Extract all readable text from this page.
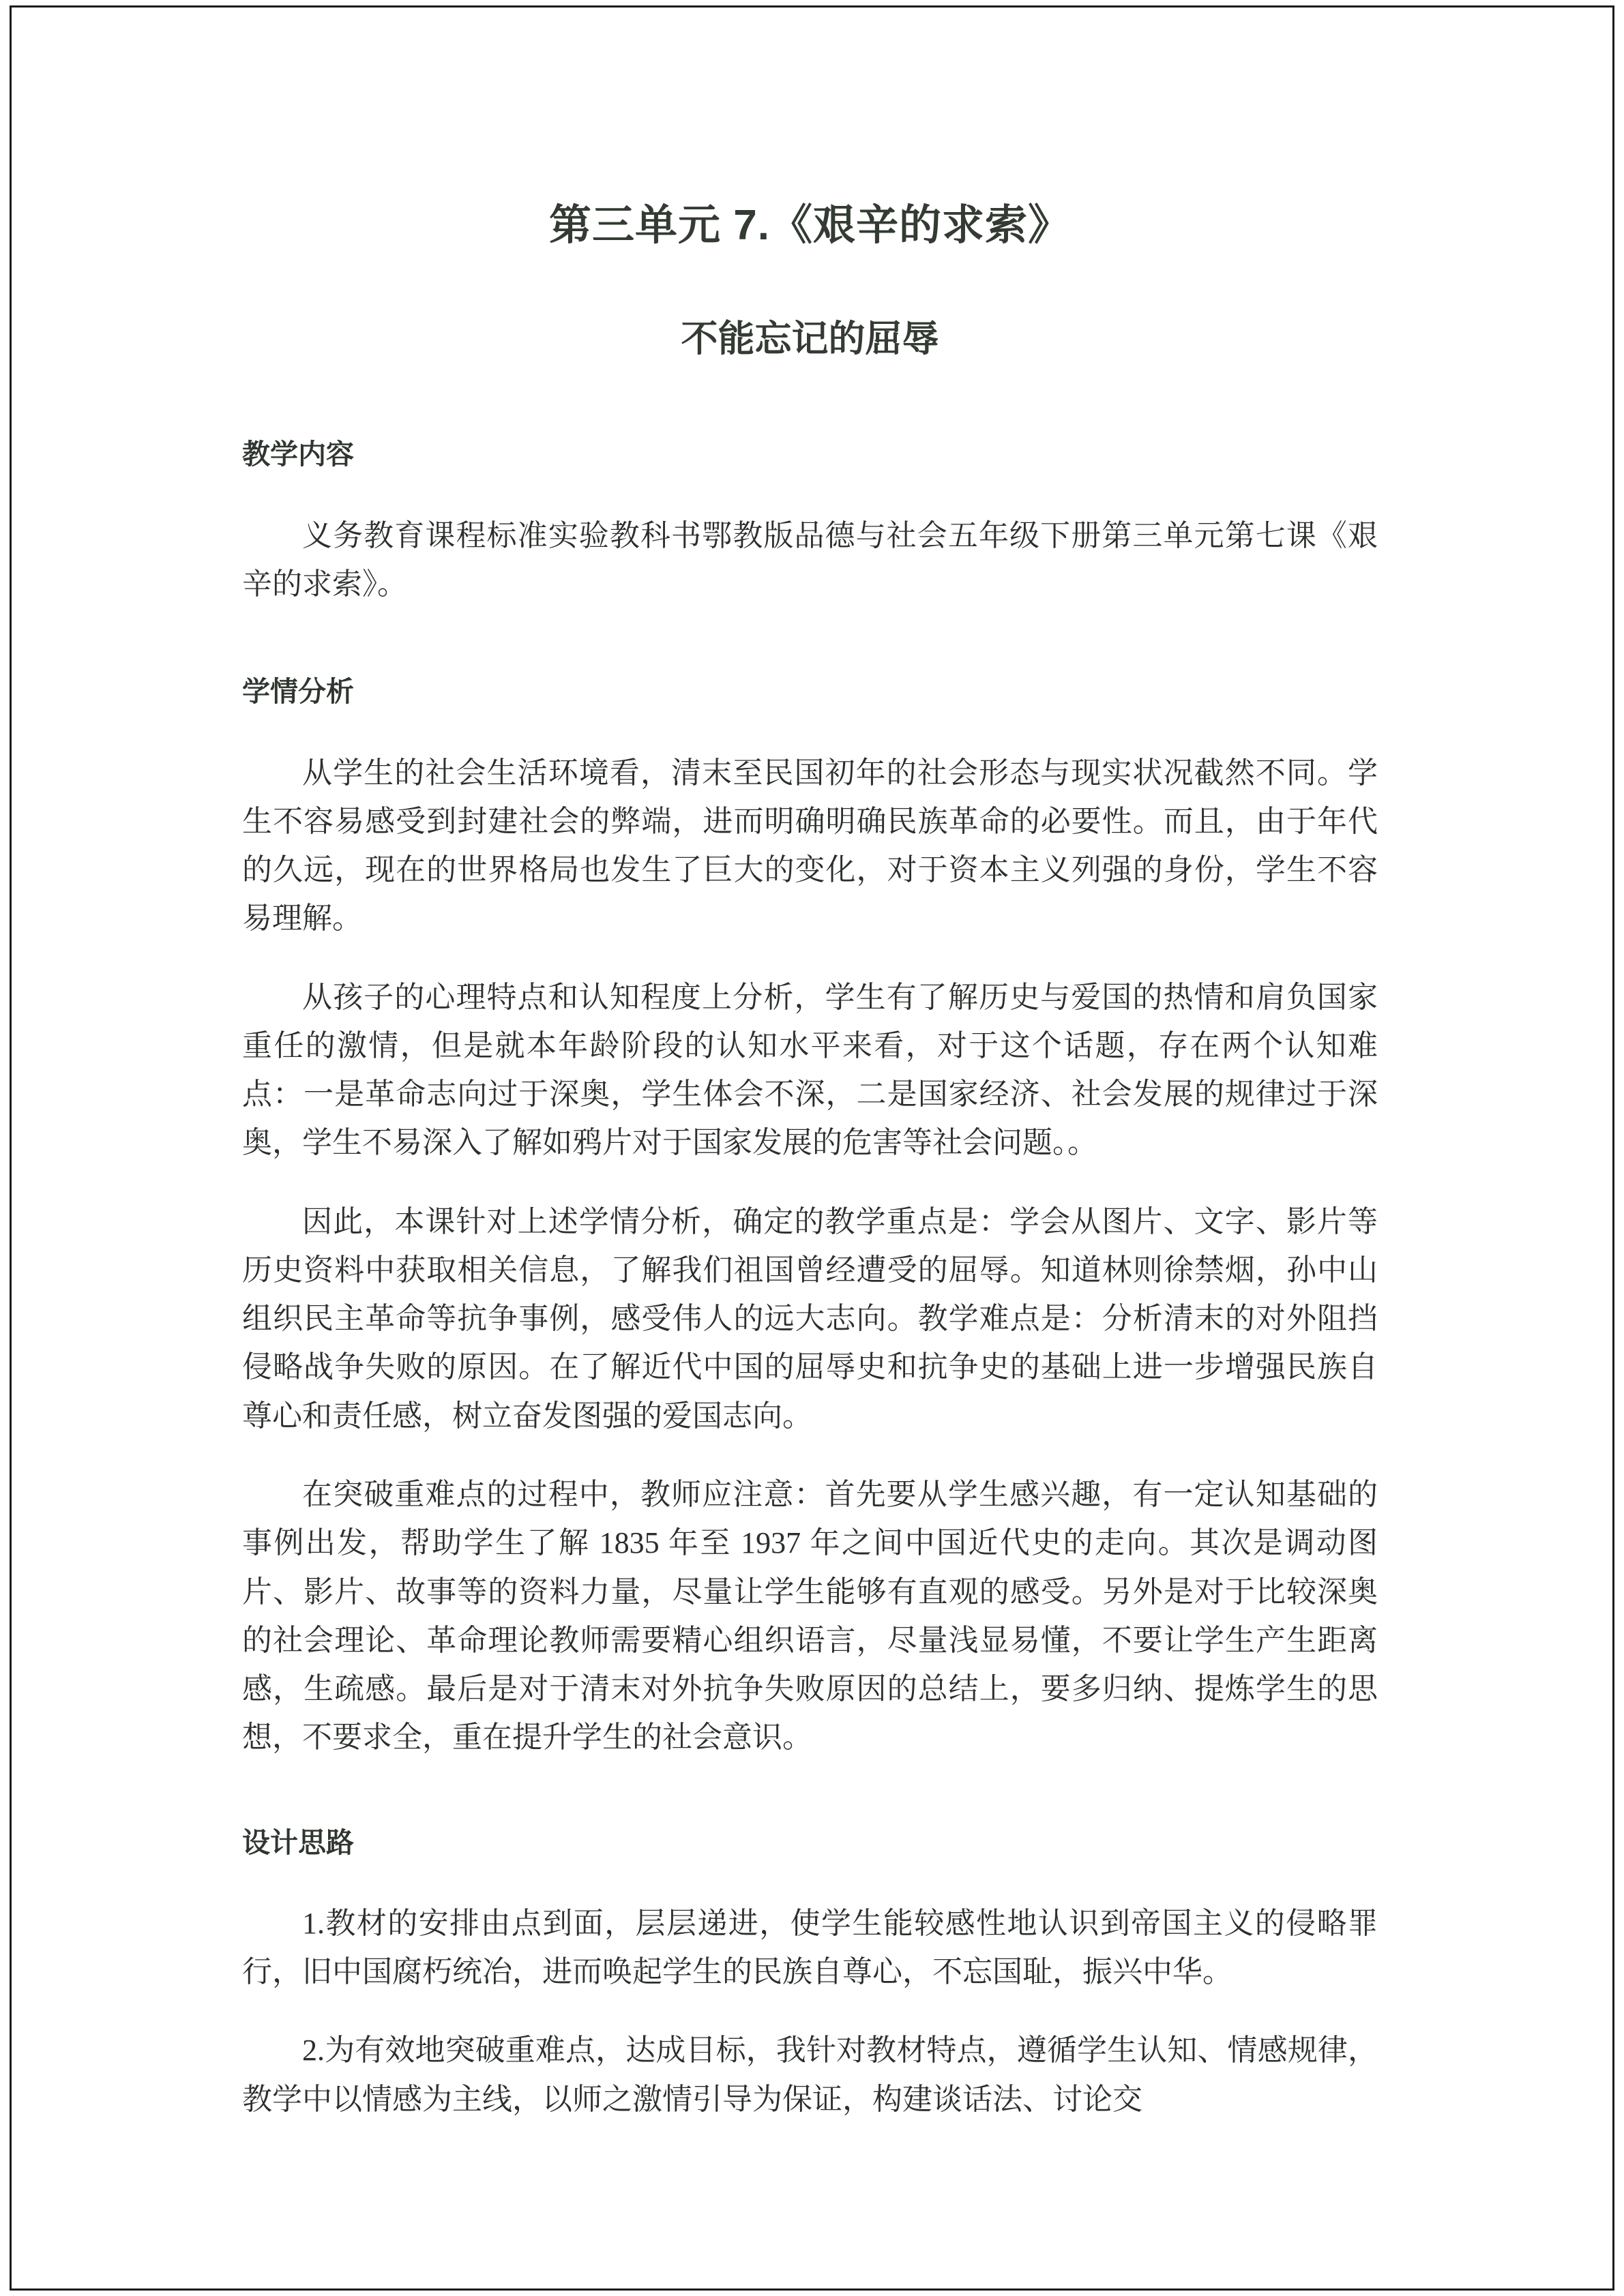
第三单元 7.《艰辛的求索》
不能忘记的屈辱
教学内容

义务教育课程标准实验教科书鄂教版品德与社会五年级下册第三单元第七课《艰辛的求索》。

学情分析

从学生的社会生活环境看，清末至民国初年的社会形态与现实状况截然不同。学生不容易感受到封建社会的弊端，进而明确明确民族革命的必要性。而且，由于年代的久远，现在的世界格局也发生了巨大的变化，对于资本主义列强的身份，学生不容易理解。

从孩子的心理特点和认知程度上分析，学生有了解历史与爱国的热情和肩负国家重任的激情，但是就本年龄阶段的认知水平来看，对于这个话题，存在两个认知难点：一是革命志向过于深奥，学生体会不深，二是国家经济、社会发展的规律过于深奥，学生不易深入了解如鸦片对于国家发展的危害等社会问题。。

因此，本课针对上述学情分析，确定的教学重点是：学会从图片、文字、影片等历史资料中获取相关信息，了解我们祖国曾经遭受的屈辱。知道林则徐禁烟，孙中山组织民主革命等抗争事例，感受伟人的远大志向。教学难点是：分析清末的对外阻挡侵略战争失败的原因。在了解近代中国的屈辱史和抗争史的基础上进一步增强民族自尊心和责任感，树立奋发图强的爱国志向。

在突破重难点的过程中，教师应注意：首先要从学生感兴趣，有一定认知基础的事例出发，帮助学生了解 1835 年至 1937 年之间中国近代史的走向。其次是调动图片、影片、故事等的资料力量，尽量让学生能够有直观的感受。另外是对于比较深奥的社会理论、革命理论教师需要精心组织语言，尽量浅显易懂，不要让学生产生距离感，生疏感。最后是对于清末对外抗争失败原因的总结上，要多归纳、提炼学生的思想，不要求全，重在提升学生的社会意识。

设计思路

1.教材的安排由点到面，层层递进，使学生能较感性地认识到帝国主义的侵略罪行，旧中国腐朽统冶，进而唤起学生的民族自尊心，不忘国耻，振兴中华。

2.为有效地突破重难点，达成目标，我针对教材特点，遵循学生认知、情感规律，教学中以情感为主线，以师之激情引导为保证，构建谈话法、讨论交
